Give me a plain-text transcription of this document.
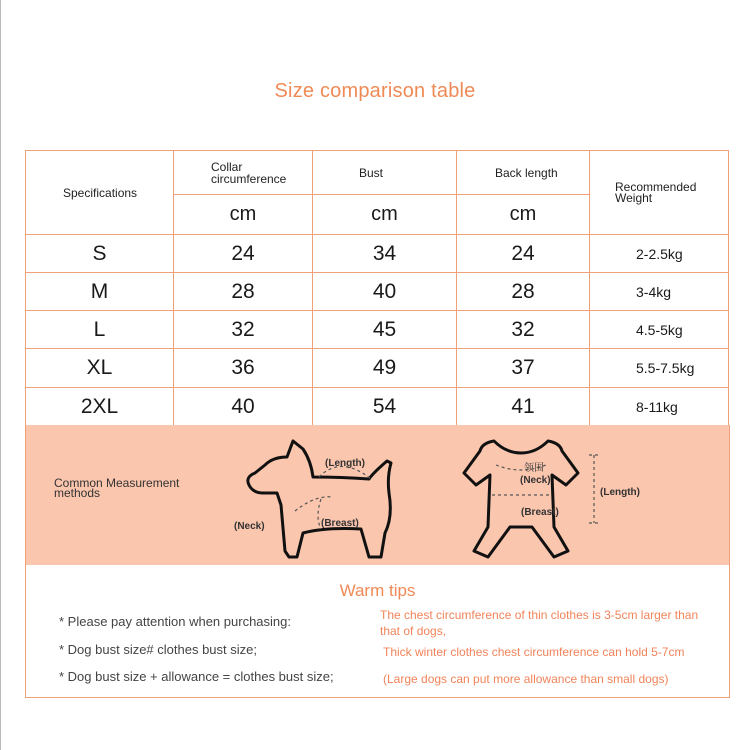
Size comparison table
Specifications	Collar circumference	Bust	Back length	Recommended Weight

	cm	cm	cm	
S	24	34	24	2-2.5kg
M	28	40	28	3-4kg
L	32	45	32	4.5-5kg
XL	36	49	37	5.5-7.5kg
2XL	40	54	41	8-11kg
Common Measurement methods
(Length)
(Breast)
(Neck)
领围
(Neck)
(Breast)
(Length)
Warm tips
* Please pay attention when purchasing:
* Dog bust size# clothes bust size;
* Dog bust size + allowance = clothes bust size;
The chest circumference of thin clothes is 3-5cm larger than that of dogs,
Thick winter clothes chest circumference can hold 5-7cm
(Large dogs can put more allowance than small dogs)
